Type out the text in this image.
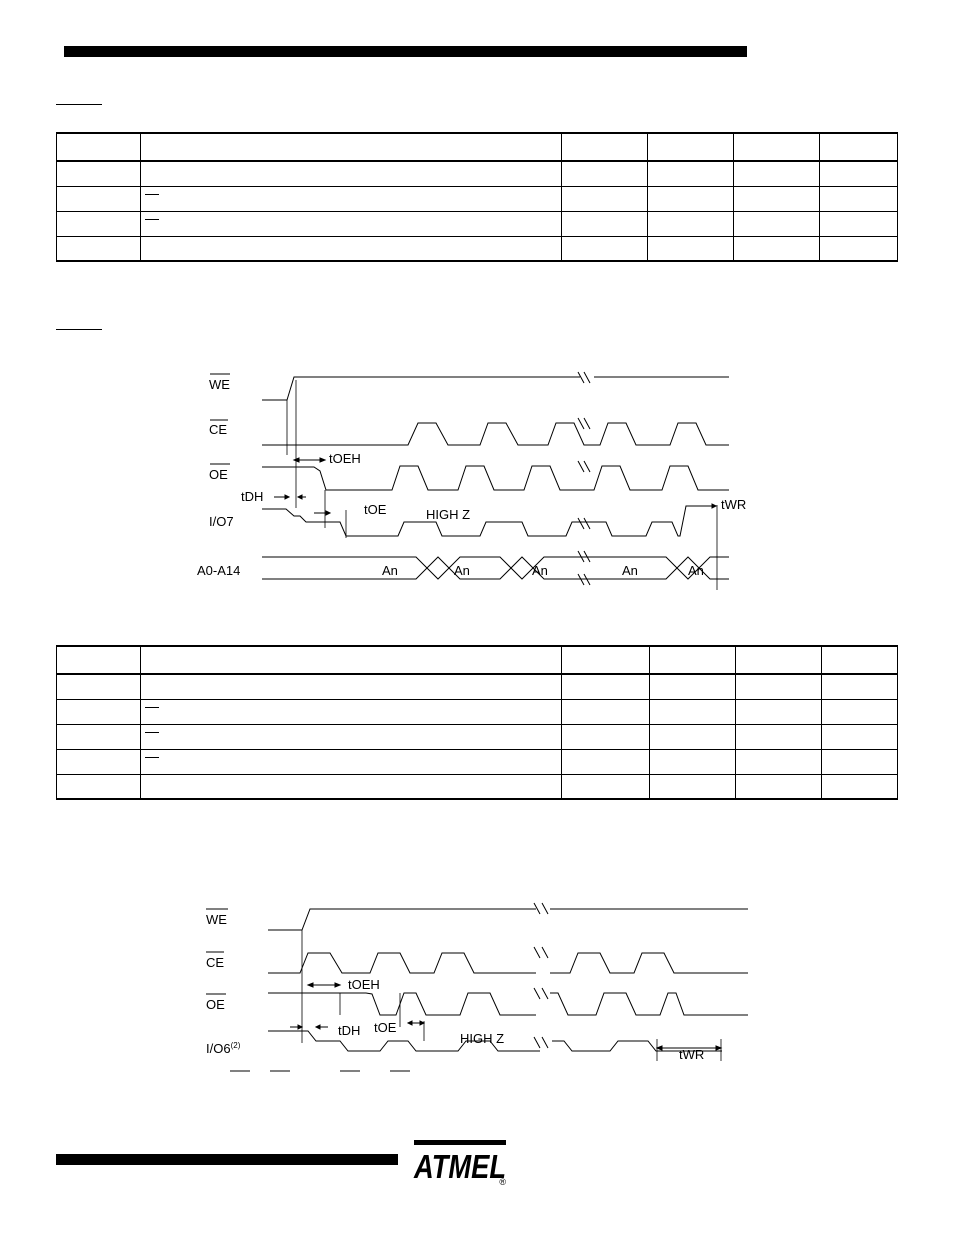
WE
CE
OE
I/O7
A0-A14
tOEH
tDH
tOE	HIGH Z
tWR
An	An	An	An	An

WE
CE
OE
I/O6$^{(2)}$
tOEH
tDH tOE
HIGH Z
tWR
ATMEL
®
